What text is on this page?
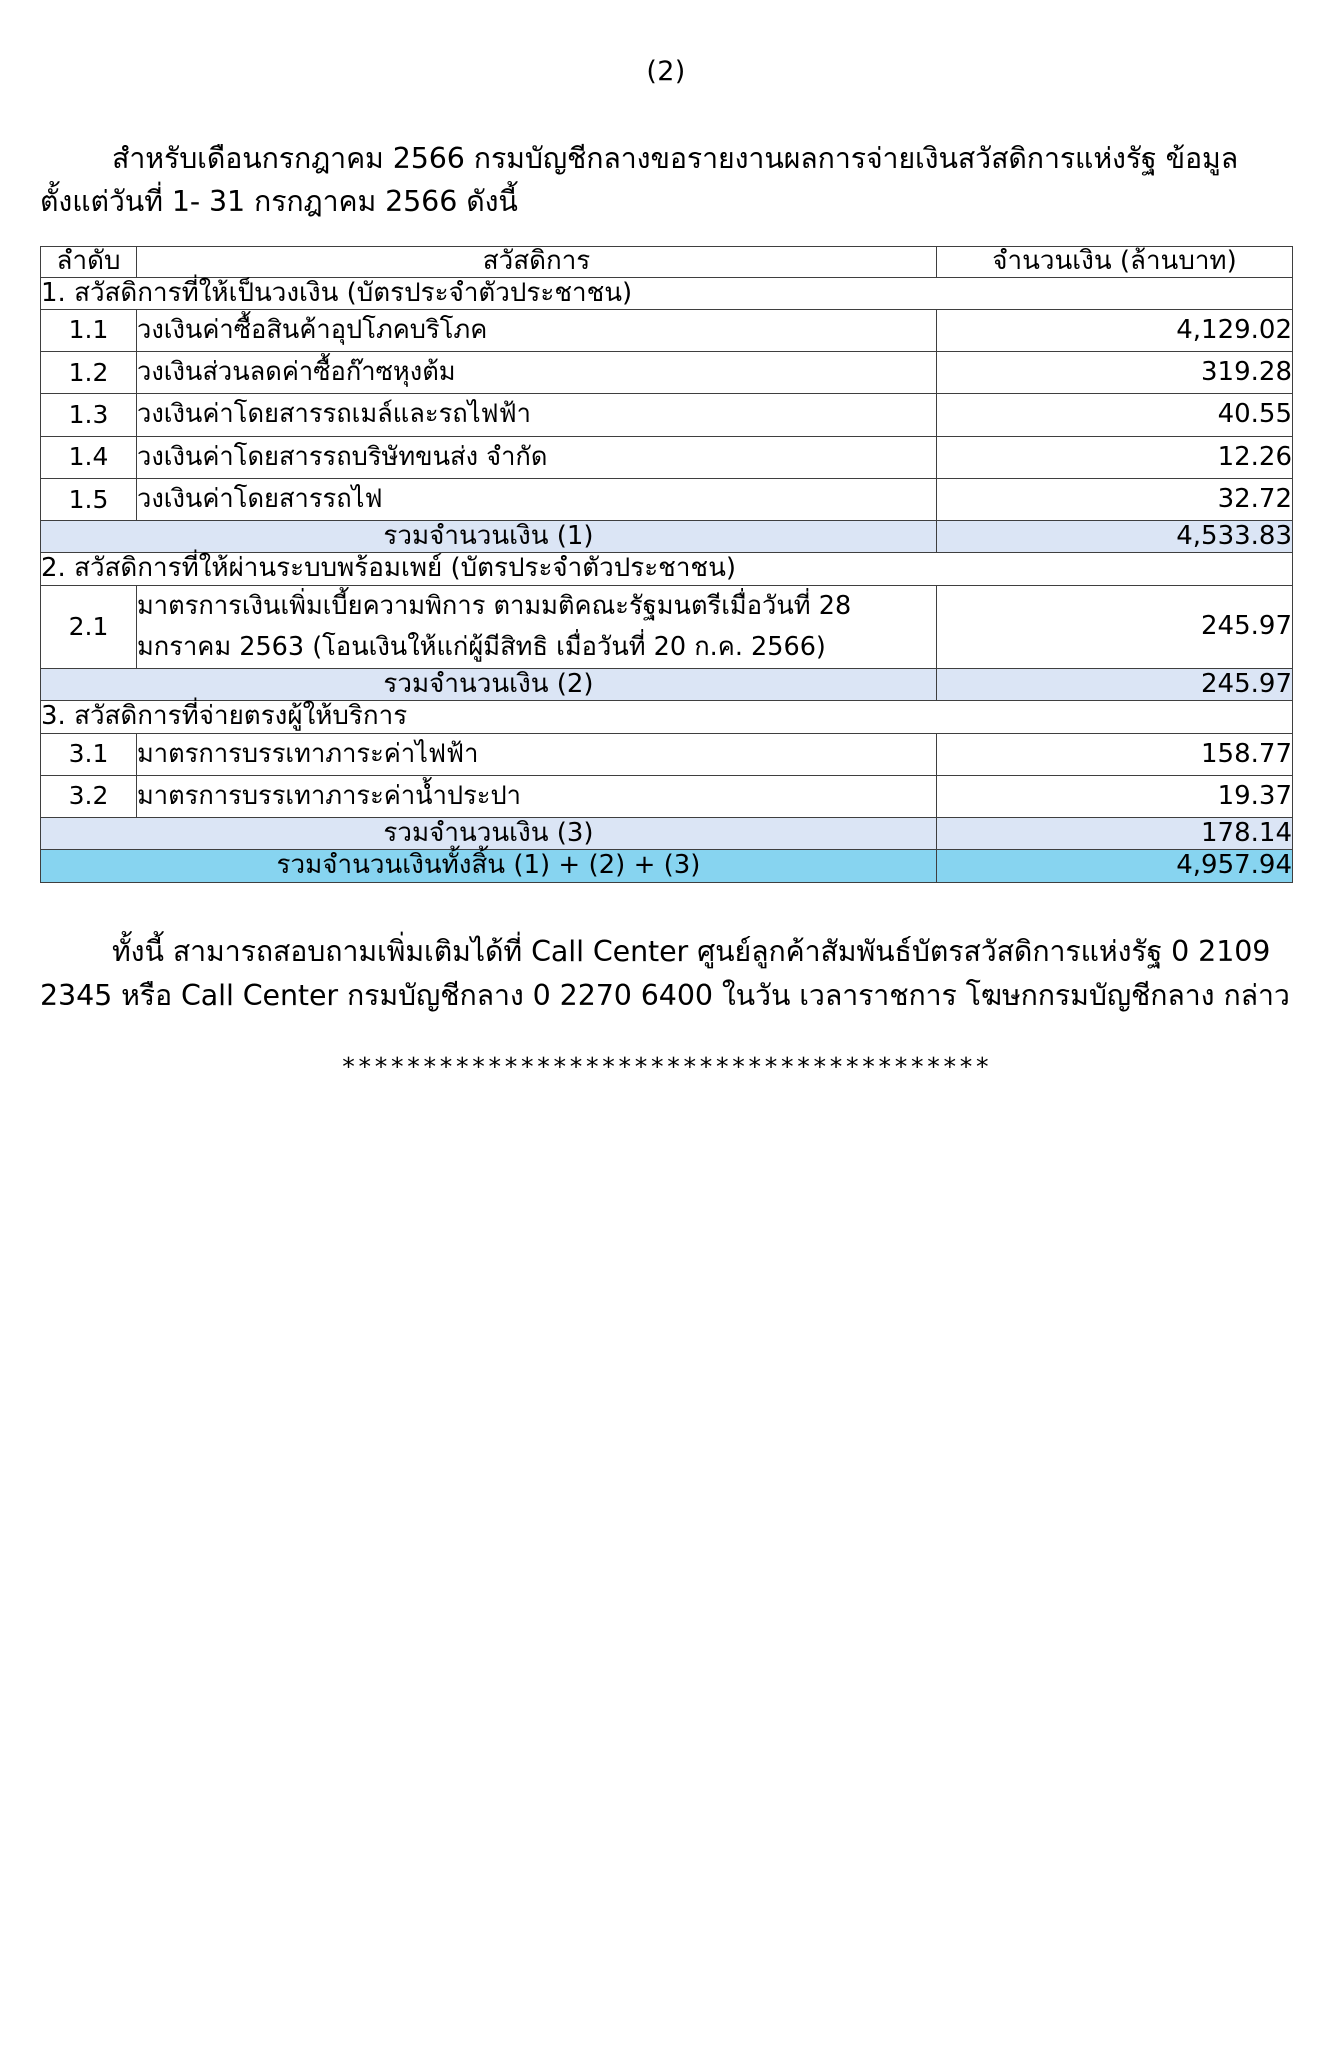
(2)

สำหรับเดือนกรกฎาคม 2566 กรมบัญชีกลางขอรายงานผลการจ่ายเงินสวัสดิการแห่งรัฐ ข้อมูลตั้งแต่วันที่ 1- 31 กรกฎาคม 2566 ดังนี้

ลำดับ	สวัสดิการ	จำนวนเงิน (ล้านบาท)
1. สวัสดิการที่ให้เป็นวงเงิน (บัตรประจำตัวประชาชน)		
1.1	วงเงินค่าซื้อสินค้าอุปโภคบริโภค	4,129.02
1.2	วงเงินส่วนลดค่าซื้อก๊าซหุงต้ม	319.28
1.3	วงเงินค่าโดยสารรถเมล์และรถไฟฟ้า	40.55
1.4	วงเงินค่าโดยสารรถบริษัทขนส่ง จำกัด	12.26
1.5	วงเงินค่าโดยสารรถไฟ	32.72
รวมจำนวนเงิน (1)		4,533.83
2. สวัสดิการที่ให้ผ่านระบบพร้อมเพย์ (บัตรประจำตัวประชาชน)		
2.1	มาตรการเงินเพิ่มเบี้ยความพิการ ตามมติคณะรัฐมนตรีเมื่อวันที่ 28 มกราคม 2563 (โอนเงินให้แก่ผู้มีสิทธิ เมื่อวันที่ 20 ก.ค. 2566)	245.97
รวมจำนวนเงิน (2)		245.97
3. สวัสดิการที่จ่ายตรงผู้ให้บริการ		
3.1	มาตรการบรรเทาภาระค่าไฟฟ้า	158.77
3.2	มาตรการบรรเทาภาระค่าน้ำประปา	19.37
รวมจำนวนเงิน (3)		178.14
รวมจำนวนเงินทั้งสิ้น (1) + (2) + (3)		4,957.94

ทั้งนี้ สามารถสอบถามเพิ่มเติมได้ที่ Call Center ศูนย์ลูกค้าสัมพันธ์บัตรสวัสดิการแห่งรัฐ 0 2109 2345 หรือ Call Center กรมบัญชีกลาง 0 2270 6400 ในวัน เวลาราชการ โฆษกกรมบัญชีกลาง กล่าว

****************************************
